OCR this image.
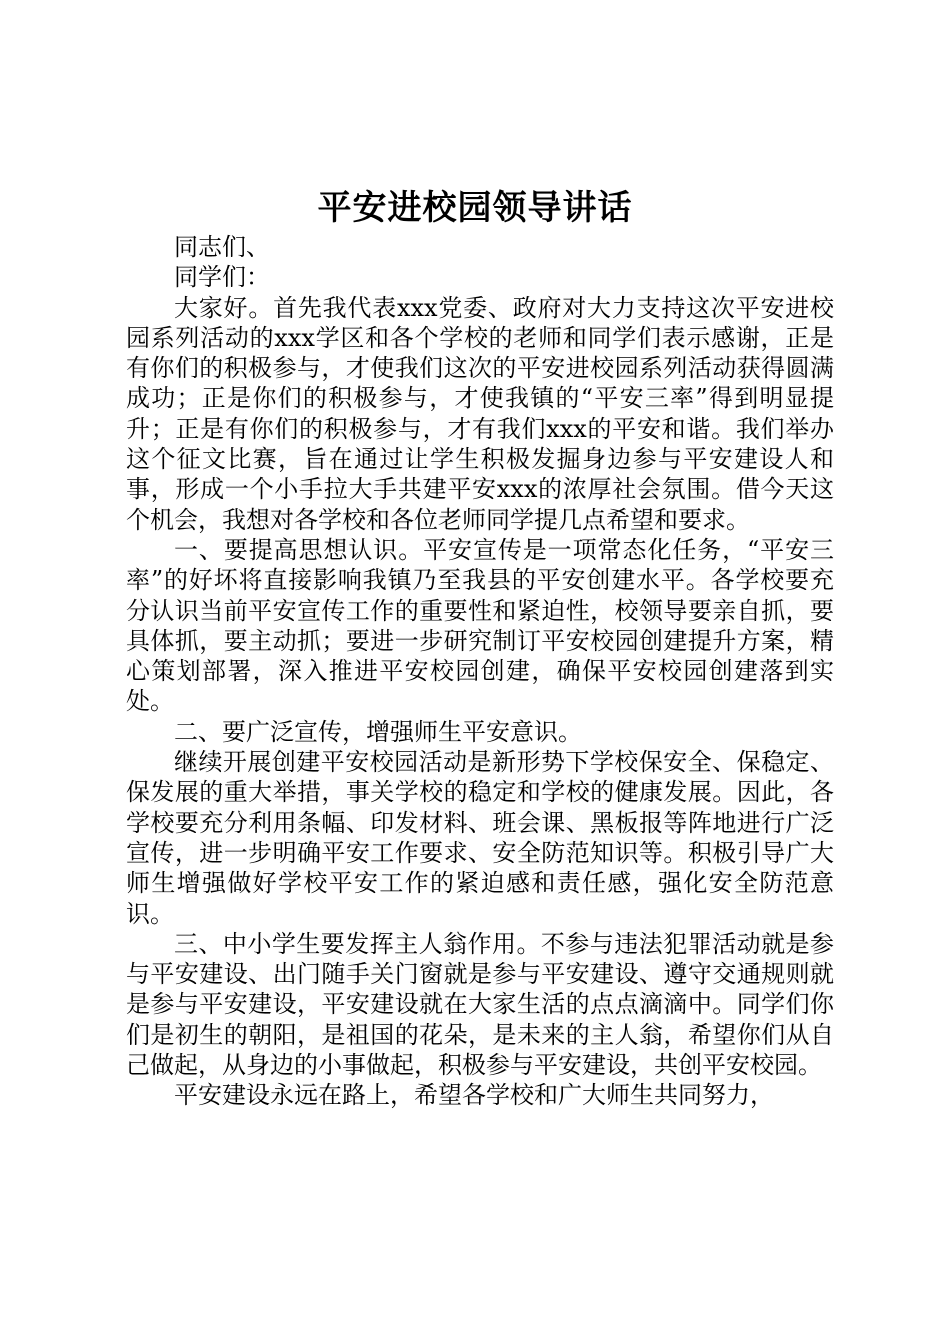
平安进校园领导讲话

同志们、

同学们：

大家好。首先我代表xxx党委、政府对大力支持这次平安进校园系列活动的xxx学区和各个学校的老师和同学们表示感谢，正是有你们的积极参与，才使我们这次的平安进校园系列活动获得圆满成功；正是你们的积极参与，才使我镇的“平安三率”得到明显提升；正是有你们的积极参与，才有我们xxx的平安和谐。我们举办这个征文比赛，旨在通过让学生积极发掘身边参与平安建设人和事，形成一个小手拉大手共建平安xxx的浓厚社会氛围。借今天这个机会，我想对各学校和各位老师同学提几点希望和要求。

一、要提高思想认识。平安宣传是一项常态化任务，“平安三率”的好坏将直接影响我镇乃至我县的平安创建水平。各学校要充分认识当前平安宣传工作的重要性和紧迫性，校领导要亲自抓，要具体抓，要主动抓；要进一步研究制订平安校园创建提升方案，精心策划部署，深入推进平安校园创建，确保平安校园创建落到实处。

二、要广泛宣传，增强师生平安意识。

继续开展创建平安校园活动是新形势下学校保安全、保稳定、保发展的重大举措，事关学校的稳定和学校的健康发展。因此，各学校要充分利用条幅、印发材料、班会课、黑板报等阵地进行广泛宣传，进一步明确平安工作要求、安全防范知识等。积极引导广大师生增强做好学校平安工作的紧迫感和责任感，强化安全防范意识。

三、中小学生要发挥主人翁作用。不参与违法犯罪活动就是参与平安建设、出门随手关门窗就是参与平安建设、遵守交通规则就是参与平安建设，平安建设就在大家生活的点点滴滴中。同学们你们是初生的朝阳，是祖国的花朵，是未来的主人翁，希望你们从自己做起，从身边的小事做起，积极参与平安建设，共创平安校园。

平安建设永远在路上，希望各学校和广大师生共同努力，
